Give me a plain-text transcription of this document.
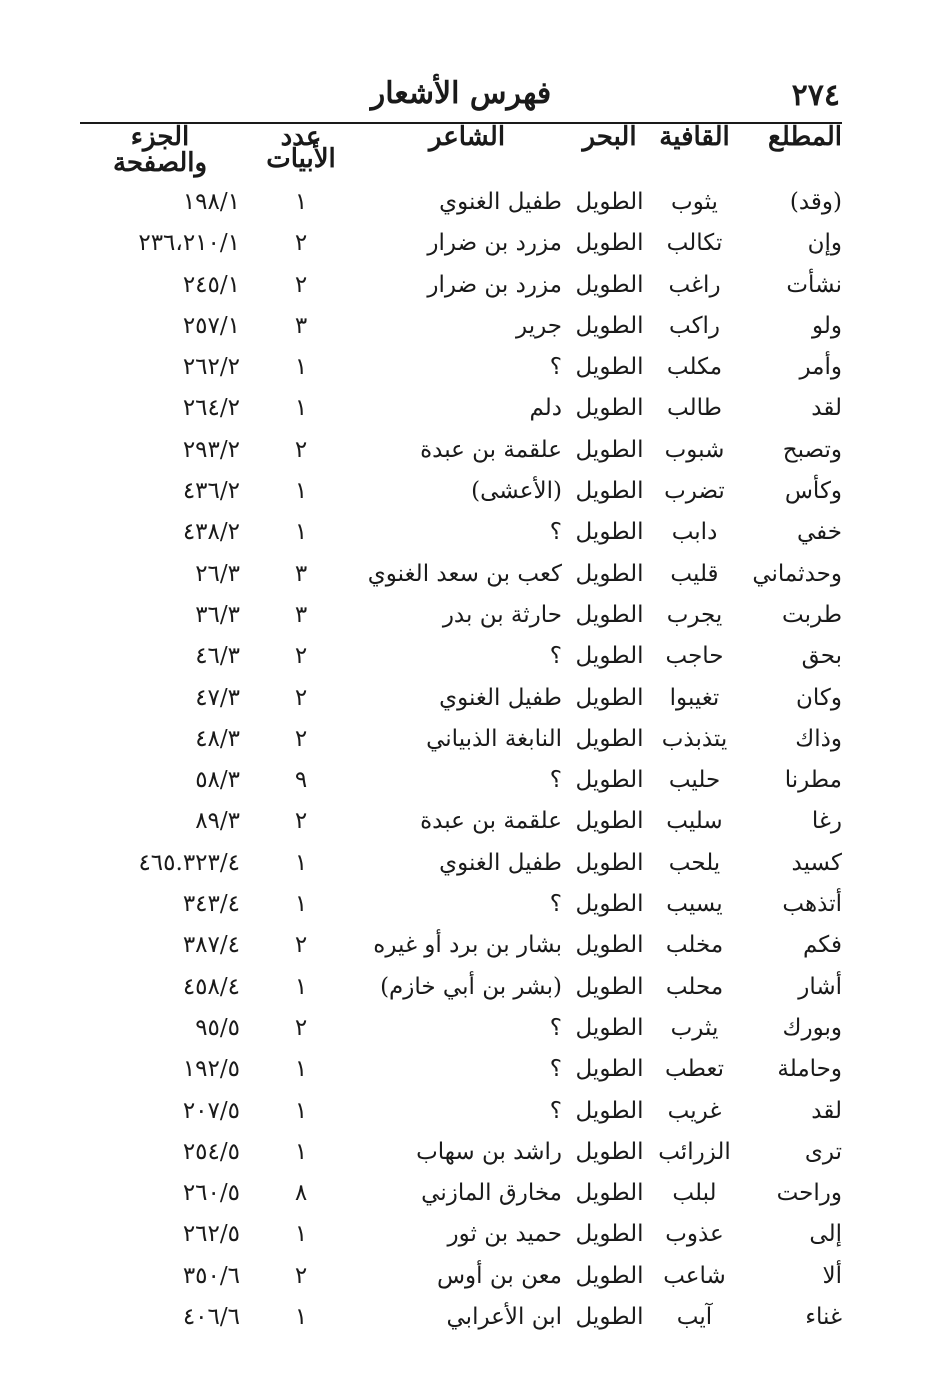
٢٧٤
فهرس الأشعار
المطلع
القافية
البحر
الشاعر
عدد
الأبيات
الجزء والصفحة
(وقد)
يثوب
الطويل
طفيل الغنوي
١
١٩٨/١
وإن
تكالب
الطويل
مزرد بن ضرار
٢
٢٣٦،٢١٠/١
نشأت
راغب
الطويل
مزرد بن ضرار
٢
٢٤٥/١
ولو
راكب
الطويل
جرير
٣
٢٥٧/١
وأمر
مكلب
الطويل
؟
١
٢٦٢/٢
لقد
طالب
الطويل
دلم
١
٢٦٤/٢
وتصبح
شبوب
الطويل
علقمة بن عبدة
٢
٢٩٣/٢
وكأس
تضرب
الطويل
(الأعشى)
١
٤٣٦/٢
خفي
دابب
الطويل
؟
١
٤٣٨/٢
وحدثماني
قليب
الطويل
كعب بن سعد الغنوي
٣
٢٦/٣
طربت
يجرب
الطويل
حارثة بن بدر
٣
٣٦/٣
بحق
حاجب
الطويل
؟
٢
٤٦/٣
وكان
تغيبوا
الطويل
طفيل الغنوي
٢
٤٧/٣
وذاك
يتذبذب
الطويل
النابغة الذبياني
٢
٤٨/٣
مطرنا
حليب
الطويل
؟
٩
٥٨/٣
رغا
سليب
الطويل
علقمة بن عبدة
٢
٨٩/٣
كسيد
يلحب
الطويل
طفيل الغنوي
١
٤٦٥.٣٢٣/٤
أتذهب
يسيب
الطويل
؟
١
٣٤٣/٤
فكم
مخلب
الطويل
بشار بن برد أو غيره
٢
٣٨٧/٤
أشار
محلب
الطويل
(بشر بن أبي خازم)
١
٤٥٨/٤
وبورك
يثرب
الطويل
؟
٢
٩٥/٥
وحاملة
تعطب
الطويل
؟
١
١٩٢/٥
لقد
غريب
الطويل
؟
١
٢٠٧/٥
ترى
الزرائب
الطويل
راشد بن سهاب
١
٢٥٤/٥
وراحت
لبلب
الطويل
مخارق المازني
٨
٢٦٠/٥
إلى
عذوب
الطويل
حميد بن ثور
١
٢٦٢/٥
ألا
شاعب
الطويل
معن بن أوس
٢
٣٥٠/٦
غناء
آيب
الطويل
ابن الأعرابي
١
٤٠٦/٦
